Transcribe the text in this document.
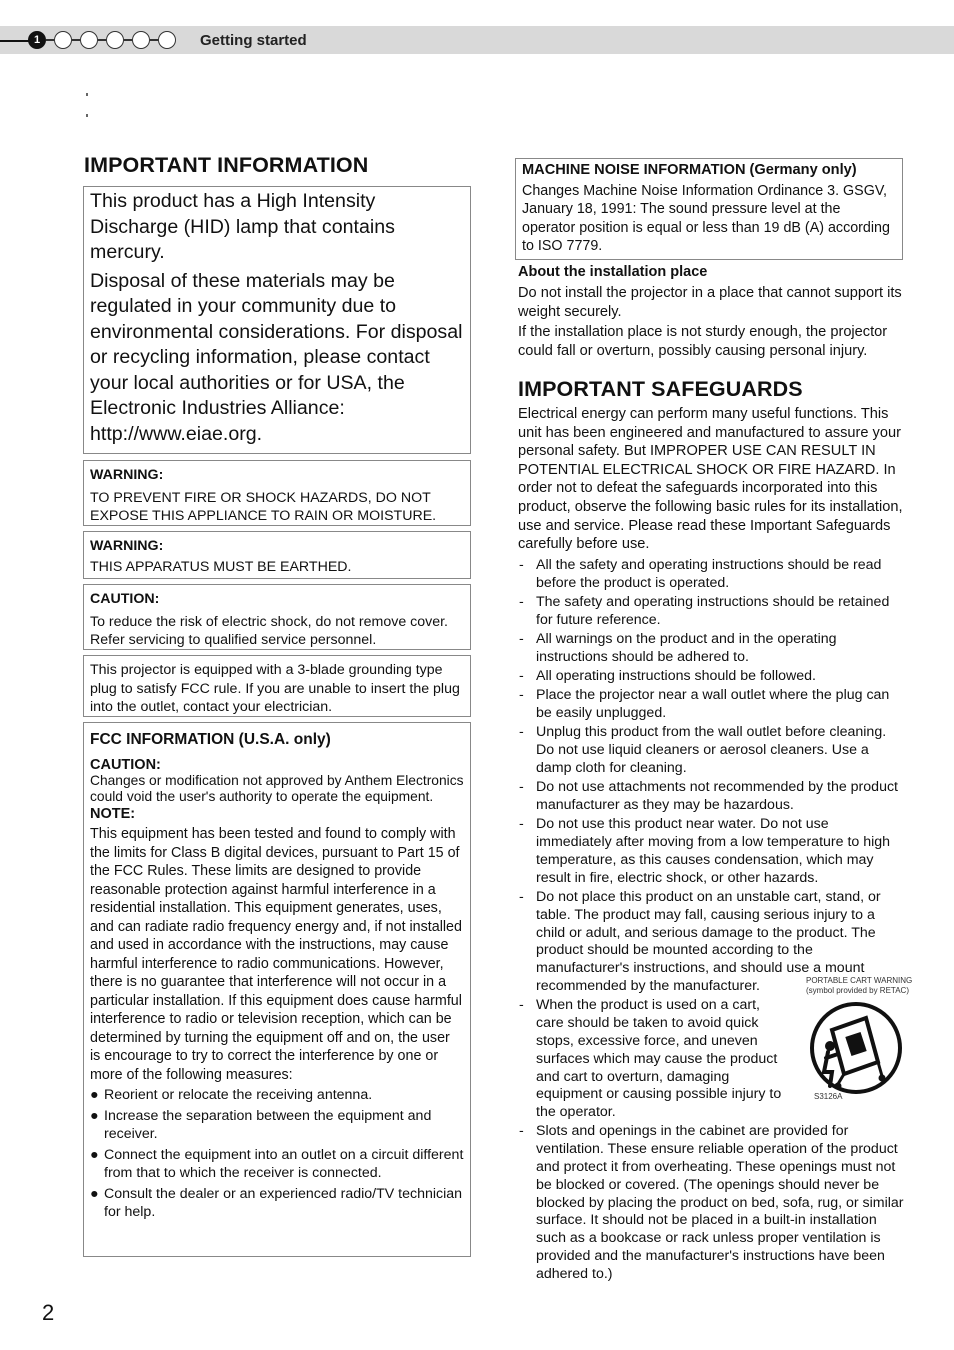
1	Getting started
IMPORTANT INFORMATION

This product has a High Intensity Discharge (HID) lamp that contains mercury.

Disposal of these materials may be regulated in your community due to environmental considerations. For disposal or recycling information, please contact your local authorities or for USA, the Electronic Industries Alliance: http://www.eiae.org.

WARNING:

TO PREVENT FIRE OR SHOCK HAZARDS, DO NOT EXPOSE THIS APPLIANCE TO RAIN OR MOISTURE.

WARNING:

THIS APPARATUS MUST BE EARTHED.

CAUTION:

To reduce the risk of electric shock, do not remove cover. Refer servicing to qualified service personnel.

This projector is equipped with a 3-blade grounding type plug to satisfy FCC rule. If you are unable to insert the plug into the outlet, contact your electrician.

FCC INFORMATION (U.S.A. only)
CAUTION:

Changes or modification not approved by Anthem Electronics could void the user's authority to operate the equipment.

NOTE:

This equipment has been tested and found to comply with the limits for Class B digital devices, pursuant to Part 15 of the FCC Rules. These limits are designed to provide reasonable protection against harmful interference in a residential installation. This equipment generates, uses, and can radiate radio frequency energy and, if not installed and used in accordance with the instructions, may cause harmful interference to radio communications. However, there is no guarantee that interference will not occur in a particular installation. If this equipment does cause harmful interference to radio or television reception, which can be determined by turning the equipment off and on, the user is encourage to try to correct the interference by one or more of the following measures:

● Reorient or relocate the receiving antenna.
● Increase the separation between the equipment and receiver.
● Connect the equipment into an outlet on a circuit different from that to which the receiver is connected.
● Consult the dealer or an experienced radio/TV technician for help.
MACHINE NOISE INFORMATION (Germany only)

Changes Machine Noise Information Ordinance 3. GSGV, January 18, 1991: The sound pressure level at the operator position is equal or less than 19 dB (A) according to ISO 7779.

About the installation place

Do not install the projector in a place that cannot support its weight securely.

If the installation place is not sturdy enough, the projector could fall or overturn, possibly causing personal injury.

IMPORTANT SAFEGUARDS

Electrical energy can perform many useful functions. This unit has been engineered and manufactured to assure your personal safety. But IMPROPER USE CAN RESULT IN POTENTIAL ELECTRICAL SHOCK OR FIRE HAZARD. In order not to defeat the safeguards incorporated into this product, observe the following basic rules for its installation, use and service. Please read these Important Safeguards carefully before use.

- All the safety and operating instructions should be read before the product is operated.
- The safety and operating instructions should be retained for future reference.
- All warnings on the product and in the operating instructions should be adhered to.
- All operating instructions should be followed.
- Place the projector near a wall outlet where the plug can be easily unplugged.
- Unplug this product from the wall outlet before cleaning. Do not use liquid cleaners or aerosol cleaners. Use a damp cloth for cleaning.
- Do not use attachments not recommended by the product manufacturer as they may be hazardous.
- Do not use this product near water. Do not use immediately after moving from a low temperature to high temperature, as this causes condensation, which may result in fire, electric shock, or other hazards.
- Do not place this product on an unstable cart, stand, or table. The product may fall, causing serious injury to a child or adult, and serious damage to the product. The product should be mounted according to the manufacturer's instructions, and should use a mount recommended by the manufacturer.
- When the product is used on a cart, care should be taken to avoid quick stops, excessive force, and uneven surfaces which may cause the product and cart to overturn, damaging equipment or causing possible injury to the operator.
- Slots and openings in the cabinet are provided for ventilation. These ensure reliable operation of the product and protect it from overheating. These openings must not be blocked or covered. (The openings should never be blocked by placing the product on bed, sofa, rug, or similar surface. It should not be placed in a built-in installation such as a bookcase or rack unless proper ventilation is provided and the manufacturer's instructions have been adhered to.)
PORTABLE CART WARNING
(symbol provided by RETAC)
S3126A
2
